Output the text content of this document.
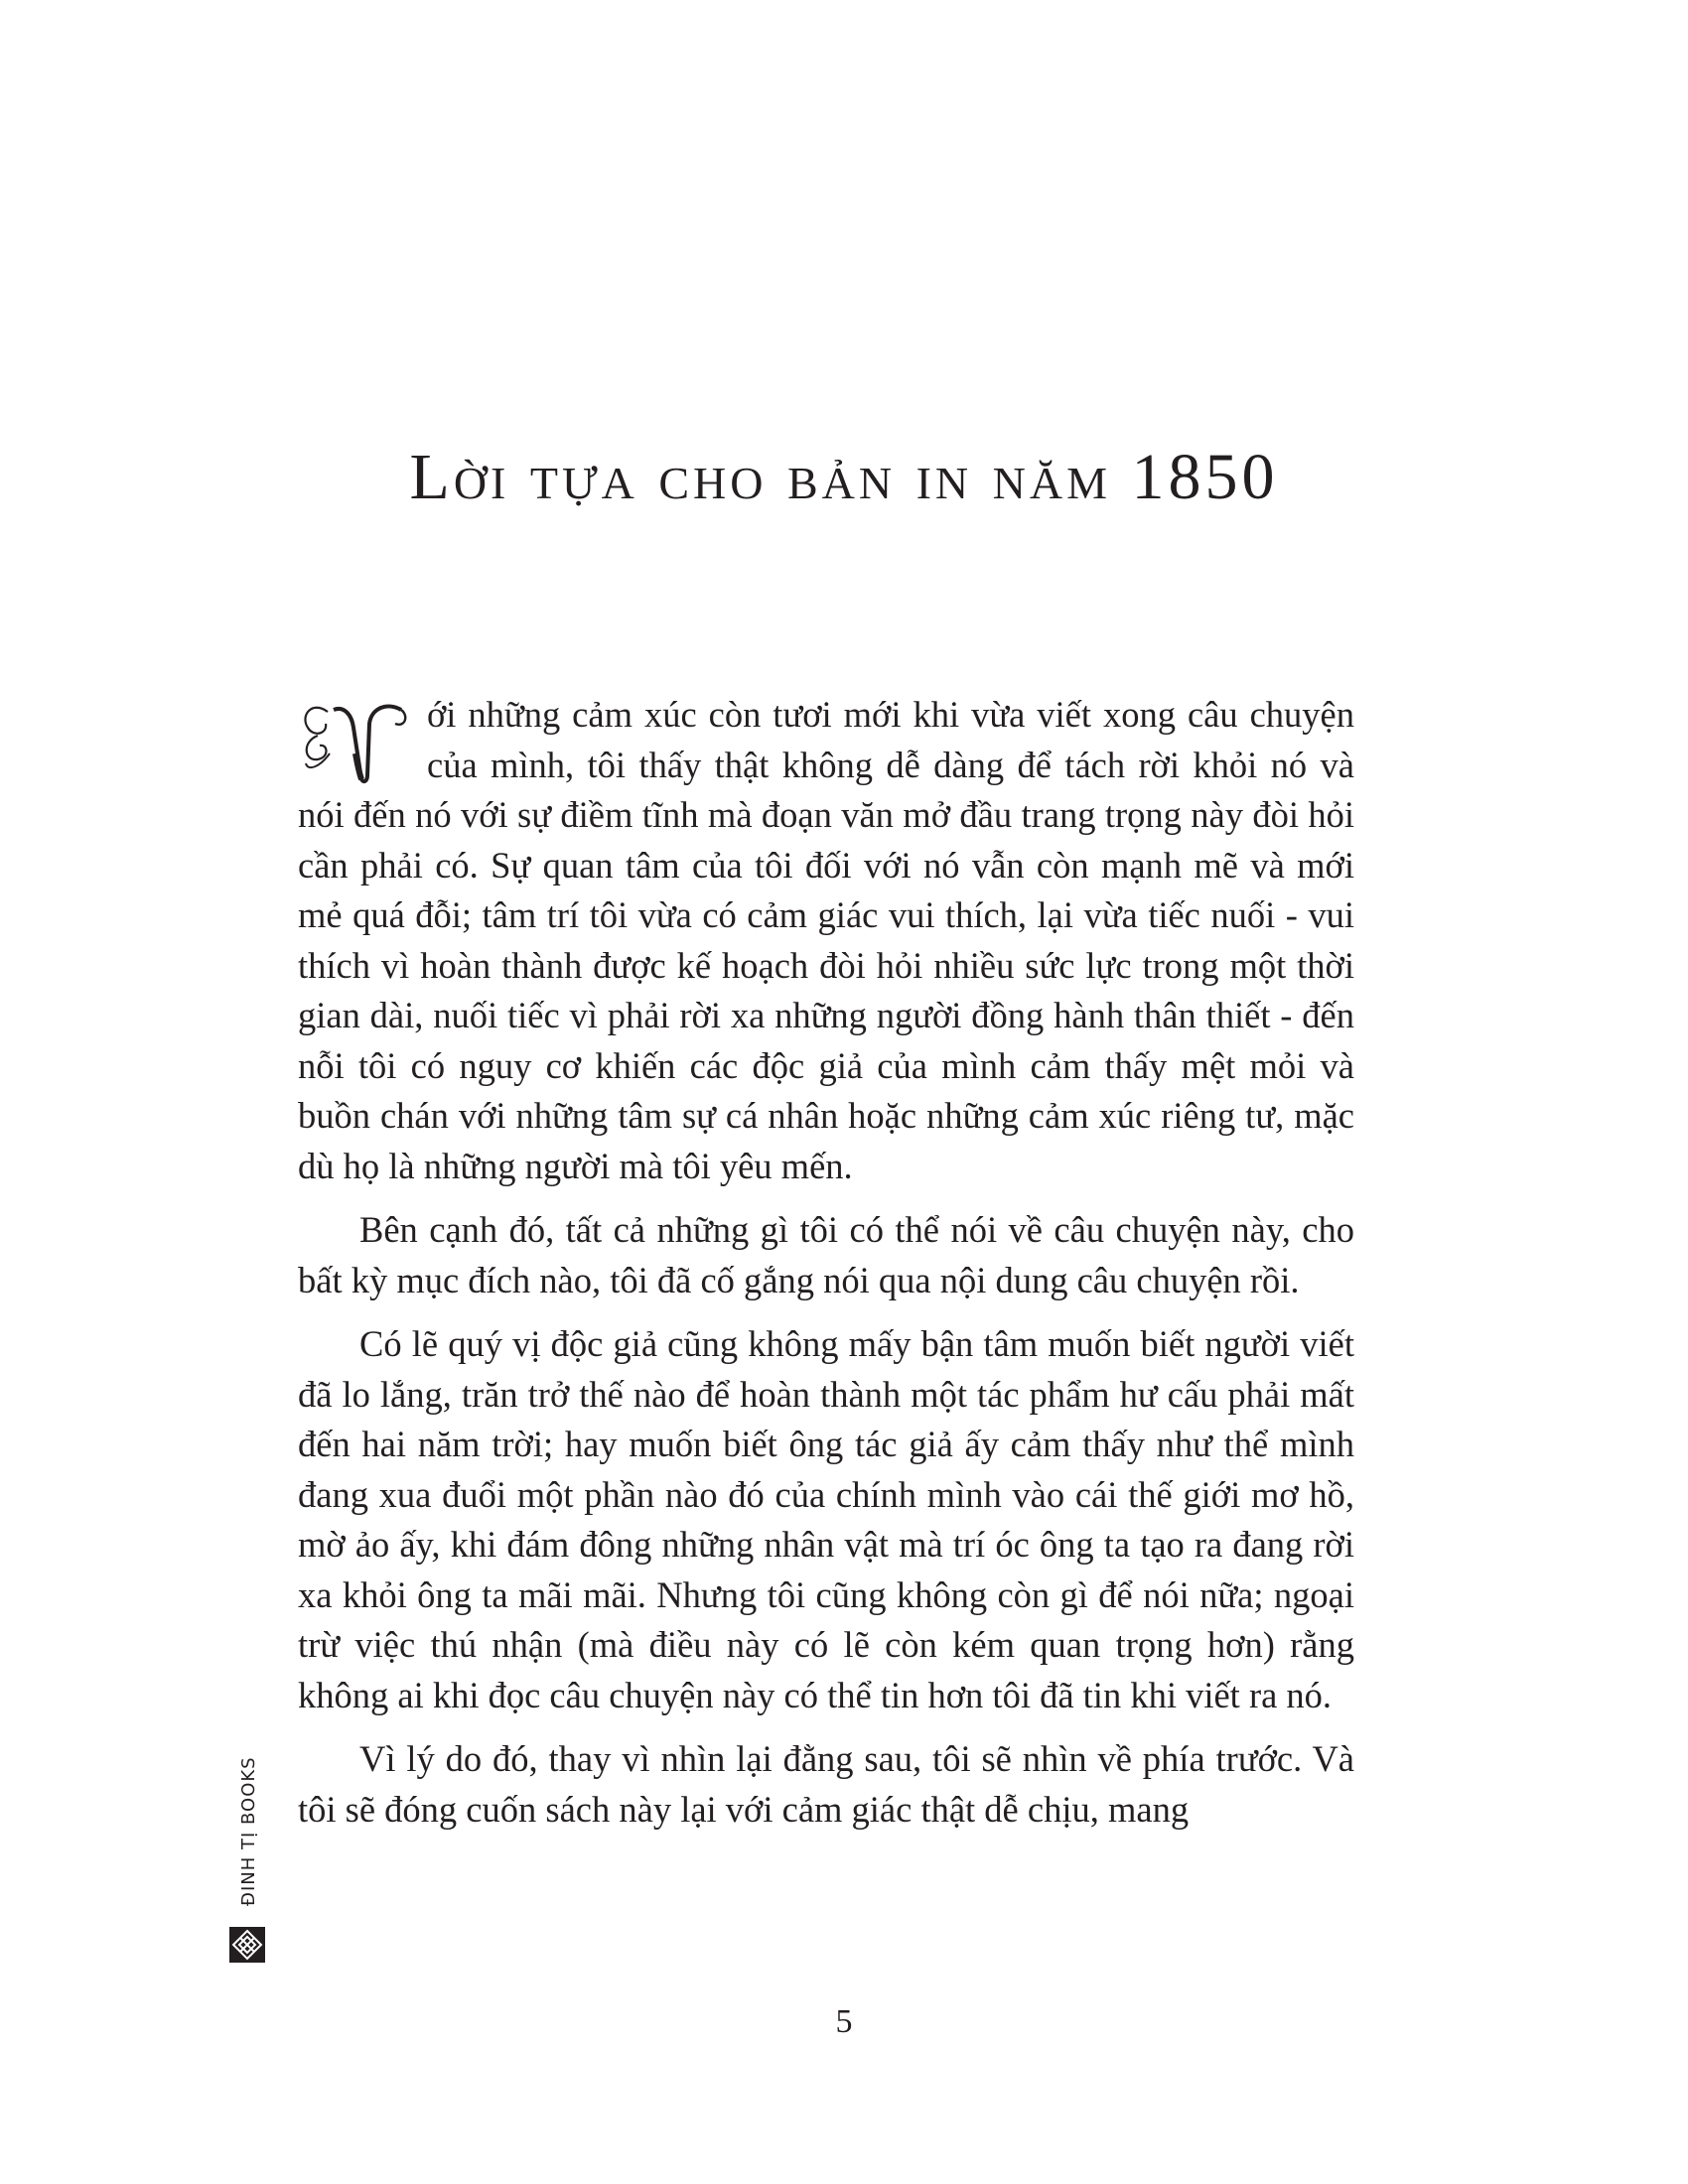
Lời tựa cho bản in năm 1850

V	ới những cảm xúc còn tươi mới khi vừa viết xong câu chuyện của mình, tôi thấy thật không dễ dàng để tách rời khỏi nó và nói đến nó với sự điềm tĩnh mà đoạn văn mở đầu trang trọng này đòi hỏi cần phải có. Sự quan tâm của tôi đối với nó vẫn còn mạnh mẽ và mới mẻ quá đỗi; tâm trí tôi vừa có cảm giác vui thích, lại vừa tiếc nuối - vui thích vì hoàn thành được kế hoạch đòi hỏi nhiều sức lực trong một thời gian dài, nuối tiếc vì phải rời xa những người đồng hành thân thiết - đến nỗi tôi có nguy cơ khiến các độc giả của mình cảm thấy mệt mỏi và buồn chán với những tâm sự cá nhân hoặc những cảm xúc riêng tư, mặc dù họ là những người mà tôi yêu mến.

Bên cạnh đó, tất cả những gì tôi có thể nói về câu chuyện này, cho bất kỳ mục đích nào, tôi đã cố gắng nói qua nội dung câu chuyện rồi.

Có lẽ quý vị độc giả cũng không mấy bận tâm muốn biết người viết đã lo lắng, trăn trở thế nào để hoàn thành một tác phẩm hư cấu phải mất đến hai năm trời; hay muốn biết ông tác giả ấy cảm thấy như thể mình đang xua đuổi một phần nào đó của chính mình vào cái thế giới mơ hồ, mờ ảo ấy, khi đám đông những nhân vật mà trí óc ông ta tạo ra đang rời xa khỏi ông ta mãi mãi. Nhưng tôi cũng không còn gì để nói nữa; ngoại trừ việc thú nhận (mà điều này có lẽ còn kém quan trọng hơn) rằng không ai khi đọc câu chuyện này có thể tin hơn tôi đã tin khi viết ra nó.

Vì lý do đó, thay vì nhìn lại đằng sau, tôi sẽ nhìn về phía trước. Và tôi sẽ đóng cuốn sách này lại với cảm giác thật dễ chịu, mang

ĐINH TỊ BOOKS
5
